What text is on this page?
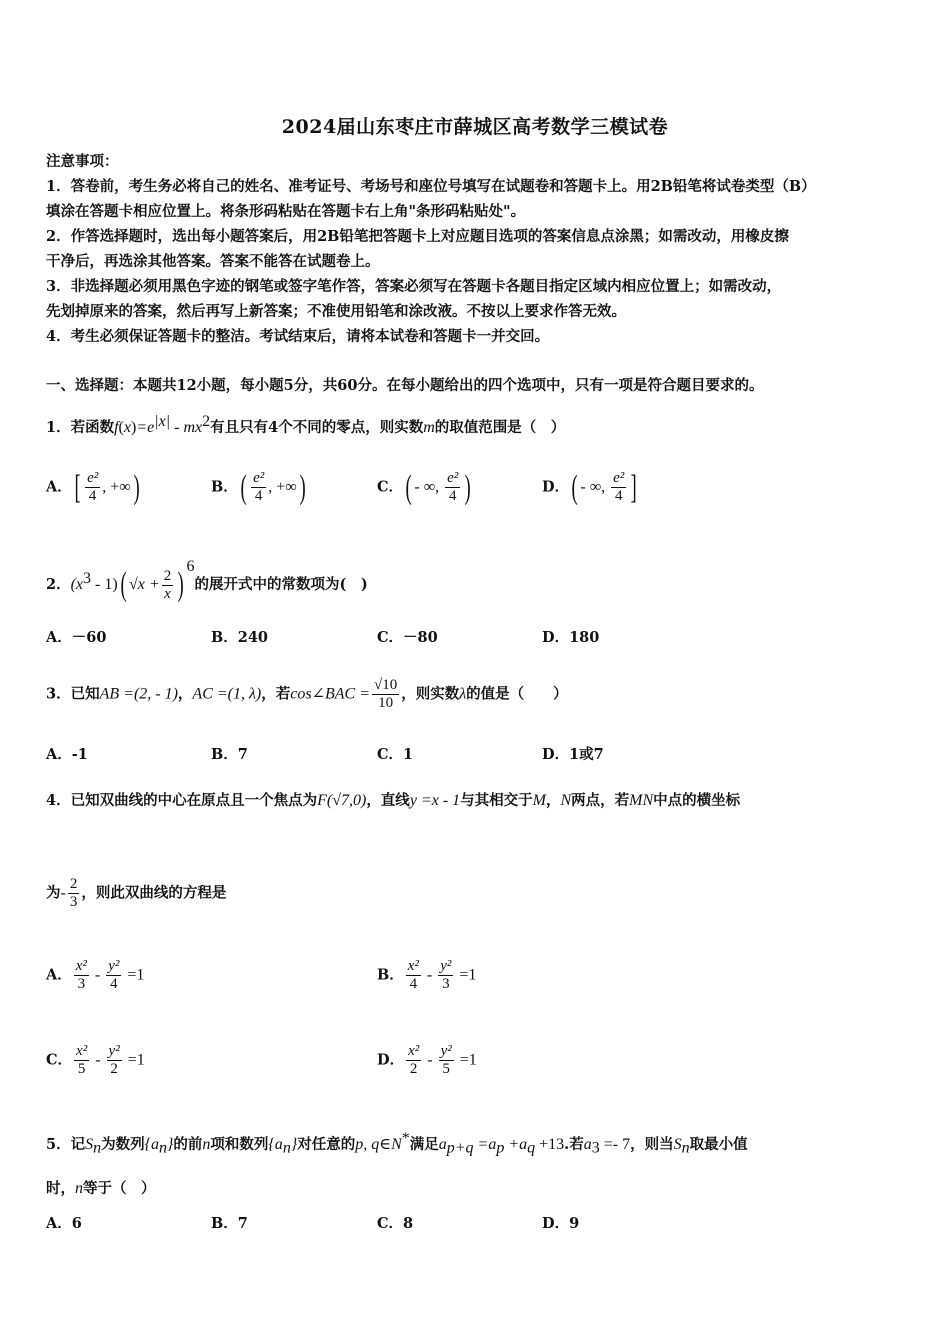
2024届山东枣庄市薛城区高考数学三模试卷
注意事项：
1．答卷前，考生务必将自己的姓名、准考证号、考场号和座位号填写在试题卷和答题卡上。用2B铅笔将试卷类型（B）
填涂在答题卡相应位置上。将条形码粘贴在答题卡右上角"条形码粘贴处"。
2．作答选择题时，选出每小题答案后，用2B铅笔把答题卡上对应题目选项的答案信息点涂黑；如需改动，用橡皮擦
干净后，再选涂其他答案。答案不能答在试题卷上。
3．非选择题必须用黑色字迹的钢笔或签字笔作答，答案必须写在答题卡各题目指定区域内相应位置上；如需改动，
先划掉原来的答案，然后再写上新答案；不准使用铅笔和涂改液。不按以上要求作答无效。
4．考生必须保证答题卡的整洁。考试结束后，请将本试卷和答题卡一并交回。
一、选择题：本题共12小题，每小题5分，共60分。在每小题给出的四个选项中，只有一项是符合题目要求的。
1．若函数$f(x)=e^{|x|} - mx^2$有且只有4个不同的零点，则实数m的取值范围是（　）
A．[ $\frac{\text{e²}}{4}$ , +∞)	B．( $\frac{\text{e²}}{4}$ , +∞)	C．( - ∞, $\frac{\text{e²}}{4}$ )	D．( - ∞, $\frac{\text{e²}}{4}$ ]
2．$(x^3 - 1)$( $√x + \frac{2}{x}$ ) $^6$的展开式中的常数项为(　)
A．－60	B．240	C．－80	D．180
3．已知AB =(2, - 1)，AC =(1, λ)，若cos∠BAC = $\frac{√10}{10}$ ，则实数λ的值是（　　）
A．-1	B．7	C．1	D．1或7
4．已知双曲线的中心在原点且一个焦点为F(√7,0)，直线y =x - 1与其相交于M，N两点，若MN中点的横坐标
为- $\frac{2}{3}$ ，则此双曲线的方程是
A． $\frac{\text{x²}}{3} - \frac{\text{y²}}{4} =1$	B． $\frac{\text{x²}}{4} - \frac{\text{y²}}{3} =1$
C． $\frac{\text{x²}}{5} - \frac{\text{y²}}{2} =1$	D． $\frac{\text{x²}}{2} - \frac{\text{y²}}{5} =1$
5．记$S_n$为数列$\{a_n\}$的前n项和数列$\{a_n\}$对任意的p, q∈N*满足$a_{p+q} =a_p +a_q +13$.若$a_3 =- 7$，则当$S_n$取最小值
时，n等于（　）
A．6	B．7	C．8	D．9
